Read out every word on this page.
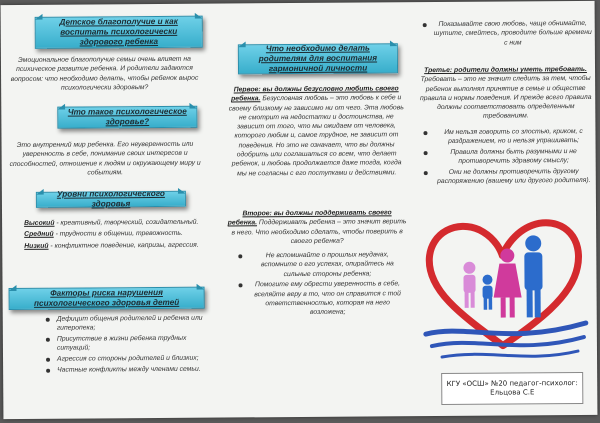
Детское благополучие и как воспитать психологически здорового ребенка
Эмоциональное благополучие семьи очень влияет на психическое развитие ребенка. И родители задаются вопросом: что необходимо делать, чтобы ребенок вырос психологически здоровым?
Что такое психологическое здоровье?
Это внутренний мир ребенка. Его неуверенность или уверенность в себе, понимание своих интересов и способностей, отношение к людям и окружающему миру и событиям.
Уровни психологического здоровья
Высокий - креативный, творческий, созидательный.
Средний - трудности в общении, тревожность.
Низкий - конфликтное поведение, капризы, агрессия.
Факторы риска нарушения психологического здоровья детей
Дефицит общения родителей и ребенка или гиперопека;
Присутствие в жизни ребенка трудных ситуаций;
Агрессия со стороны родителей и близких;
Частные конфликты между членами семьи.
Что необходимо делать родителям для воспитания гармоничной личности
Первое: вы должны безусловно любить своего ребенка. Безусловная любовь – это любовь к себе и своему близкому не зависимо ни от чего. Эта любовь не смотрит на недостатки и достоинства, не зависит от того, что мы ожидаем от человека, которого любим и, самое трудное, не зависит от поведения. Но это не означает, что вы должны одобрить или соглашаться со всем, что делает ребенок, и любовь продолжается даже тогда, когда мы не согласны с его поступками и действиями.
Второе: вы должны поддерживать своего ребенка. Поддерживать ребенка – это значит верить в него. Что необходимо сделать, чтобы поверить в своего ребенка?
Не вспоминайте о прошлых неудачах, вспомните о его успехах, опирайтесь на сильные стороны ребенка;
Помогите ему обрести уверенность в себе, вселяйте веру в то, что он справится с той ответственностью, которая на него возложена;
Показывайте свою любовь, чаще обнимайте, шутите, смейтесь, проводите больше времени с ним
Третье: родители должны уметь требовать. Требовать – это не значит следить за тем, чтобы ребенок выполнял принятие в семье и обществе правила и нормы поведения. И прежде всего правила должны соответствовать определенным требованиям.
Им нельзя говорить со злостью, криком, с раздражением, но и нельзя упрашивать;
Правила должны быть разумными и не противоречить здравому смыслу;
Они не должны противоречить другому распоряжению (вашему или другого родителя).
КГУ «ОСШ» №20 педагог-психолог:
Ельцова С.Е
